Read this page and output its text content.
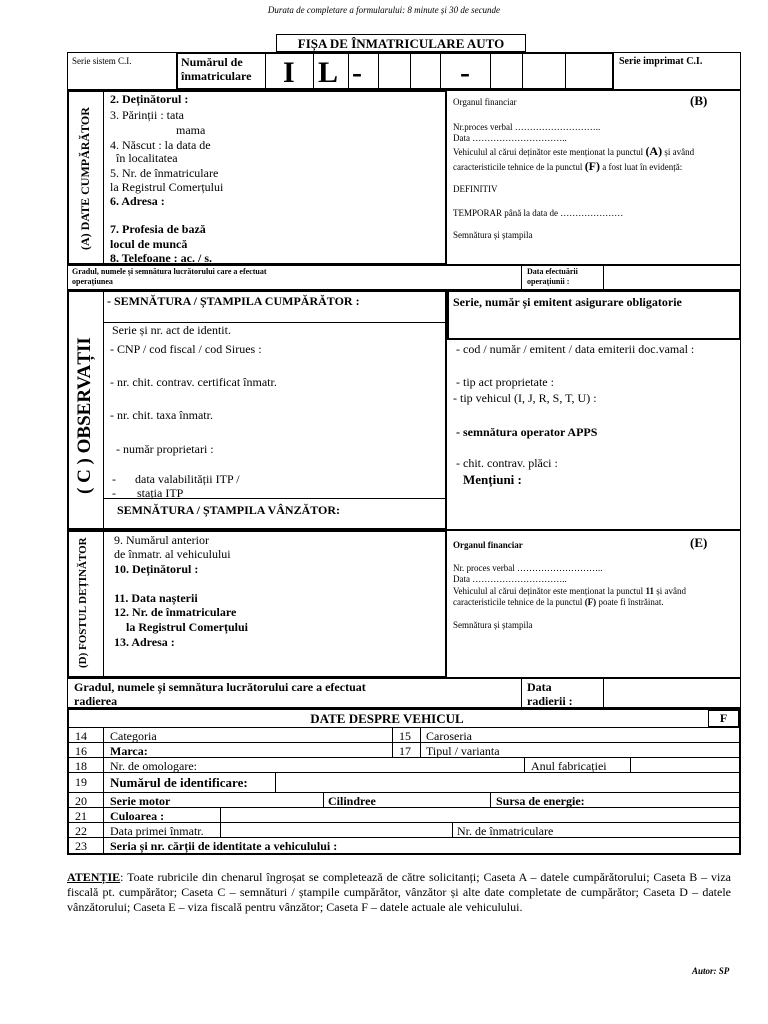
Durata de completare a formularului: 8 minute și 30 de secunde
FIȘA DE ÎNMATRICULARE AUTO
Serie sistem C.I.	Numărul de înmatriculare	I L -	-	Serie imprimat C.I.
(A) DATE CUMPĂRĂTOR
2. Deținătorul :
3. Părinții : tata
mama
4. Născut : la data de
în localitatea
5. Nr. de înmatriculare
la Registrul Comerțului
6. Adresa :
7. Profesia de bază
locul de muncă
8. Telefoane : ac. / s.
(B)
Organul financiar
Nr.proces verbal ………………………..
Data …………………………..
Vehiculul al cărui deținător este menționat la punctul (A) și având
caracteristicile tehnice de la punctul (F) a fost luat în evidență:
DEFINITIV
TEMPORAR până la data de …………………
Semnătura și ștampila
Gradul, numele și semnătura lucrătorului care a efectuat operațiunea
Data efectuării operațiunii :
( C ) OBSERVAȚII
- SEMNĂTURA / ȘTAMPILA CUMPĂRĂTOR :
Serie și nr. act de identit.
- CNP / cod fiscal / cod Sirues :
- nr. chit. contrav. certificat înmatr.
- nr. chit. taxa înmatr.
- număr proprietari :
- data valabilității ITP /
- stația ITP
SEMNĂTURA / ȘTAMPILA VÂNZĂTOR:
Serie, număr și emitent asigurare obligatorie
- cod / număr / emitent / data emiterii doc.vamal :
- tip act proprietate :
- tip vehicul (I, J, R, S, T, U) :
- semnătura operator APPS
- chit. contrav. plăci :
Mențiuni :
(D) FOSTUL DEȚINĂTOR 9. Numărul anterior
de înmatr. al vehiculului
10. Deținătorul :
11. Data nașterii
12. Nr. de înmatriculare
la Registrul Comerțului
13. Adresa :
(E)
Organul financiar
Nr. proces verbal ………………………..
Data …………………………..
Vehiculul al cărui deținător este menționat la punctul 11 și având
caracteristicile tehnice de la punctul (F) poate fi înstrăinat.
Semnătura și ștampila
Gradul, numele și semnătura lucrătorului care a efectuat radierea
Data
radierii :
DATE DESPRE VEHICUL	F
14 Categoria	15 Caroseria
16 Marca:	17 Tipul / varianta
18 Nr. de omologare:	Anul fabricației
19 Numărul de identificare:
20 Serie motor	Cilindree	Sursa de energie:
21 Culoarea :
22 Data primei înmatr.	Nr. de înmatriculare
23 Seria și nr. cărții de identitate a vehiculului :
ATENȚIE: Toate rubricile din chenarul îngroșat se completează de către solicitanți; Caseta A – datele cumpărătorului; Caseta B – viza fiscală pt. cumpărător; Caseta C – semnături / ștampile cumpărător, vânzător și alte date completate de cumpărător; Caseta D – datele vânzătorului; Caseta E – viza fiscală pentru vânzător; Caseta F – datele actuale ale vehiculului.
Autor: SP
